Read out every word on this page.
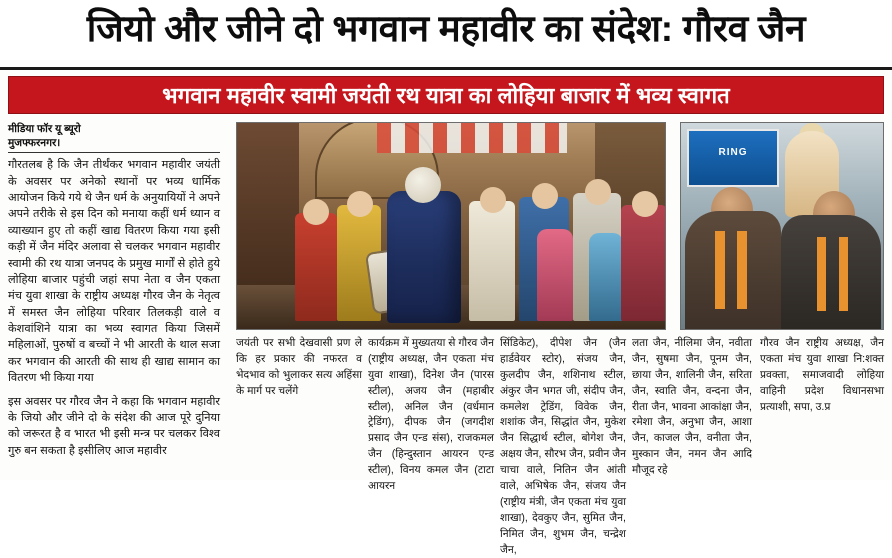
जियो और जीने दो भगवान महावीर का संदेश: गौरव जैन
भगवान महावीर स्वामी जयंती रथ यात्रा का लोहिया बाजार में भव्य स्वागत
मीडिया फॉर यू ब्यूरो
मुजफ्फरनगर।

गौरतलब है कि जैन तीर्थंकर भगवान महावीर जयंती के अवसर पर अनेको स्थानों पर भव्य धार्मिक आयोजन किये गये थे जैन धर्म के अनुयायियों ने अपने अपने तरीके से इस दिन को मनाया कहीं धर्म ध्यान व व्याख्यान हुए तो कहीं खाद्य वितरण किया गया इसी कड़ी में जैन मंदिर अलावा से चलकर भगवान महावीर स्वामी की रथ यात्रा जनपद के प्रमुख मार्गों से होते हुये लोहिया बाजार पहुंची जहां सपा नेता व जैन एकता मंच युवा शाखा के राष्ट्रीय अध्यक्ष गौरव जैन के नेतृत्व में समस्त जैन लोहिया परिवार तिलकड़ी वाले व केशवांशिने यात्रा का भव्य स्वागत किया जिसमें महिलाओं, पुरुषों व बच्चों ने भी आरती के थाल सजा कर भगवान की आरती की साथ ही खाद्य सामान का वितरण भी किया गया

इस अवसर पर गौरव जैन ने कहा कि भगवान महावीर के जियो और जीने दो के संदेश की आज पूरे दुनिया को जरूरत है व भारत भी इसी मन्त्र पर चलकर विश्व गुरु बन सकता है इसीलिए आज महावीर

RING
जयंती पर सभी देखवासी प्रण ले कि हर प्रकार की नफरत व भेदभाव को भुलाकर सत्य अहिंसा के मार्ग पर चलेंगे
कार्यक्रम में मुख्यतया से गौरव जैन (राष्ट्रीय अध्यक्ष, जैन एकता मंच युवा शाखा), दिनेश जैन (पारस स्टील), अजय जैन (महाबीर स्टील), अनिल जैन (वर्धमान ट्रेडिंग), दीपक जैन (जगदीश प्रसाद जैन एन्ड संस), राजकमल जैन (हिन्दुस्तान आयरन एन्ड स्टील), विनय कमल जैन (टाटा आयरन
सिंडिकेट), दीपेश जैन (जैन हार्डवेयर स्टोर), संजय जैन, कुलदीप जैन, शशिनाथ स्टील, अंकुर जैन भगत जी, संदीप जैन, कमलेश ट्रेडिंग, विवेक जैन, शशांक जैन, सिद्धांत जैन, मुकेश जैन सिद्धार्थ स्टील, बोगेश जैन, अक्षय जैन, सौरभ जैन, प्रवीन जैन चाचा वाले, नितिन जैन आंती वाले, अभिषेक जैन, संजय जैन (राष्ट्रीय मंत्री, जैन एकता मंच युवा शाखा), देवकुए जैन, सुमित जैन, निमित जैन, शुभम जैन, चन्द्रेश जैन,
लता जैन, नीलिमा जैन, नवीता जैन, सुषमा जैन, पूनम जैन, छाया जैन, शालिनी जैन, सरिता जैन, स्वाति जैन, वन्दना जैन, रीता जैन, भावना आकांक्षा जैन, रमेशा जैन, अनुभा जैन, आशा जैन, काजल जैन, वनीता जैन, मुस्कान जैन, नमन जैन आदि मौजूद रहे
गौरव जैन राष्ट्रीय अध्यक्ष, जैन एकता मंच युवा शाखा नि:शक्त प्रवक्ता, समाजवादी लोहिया वाहिनी प्रदेश विधानसभा प्रत्याशी, सपा, उ.प्र
